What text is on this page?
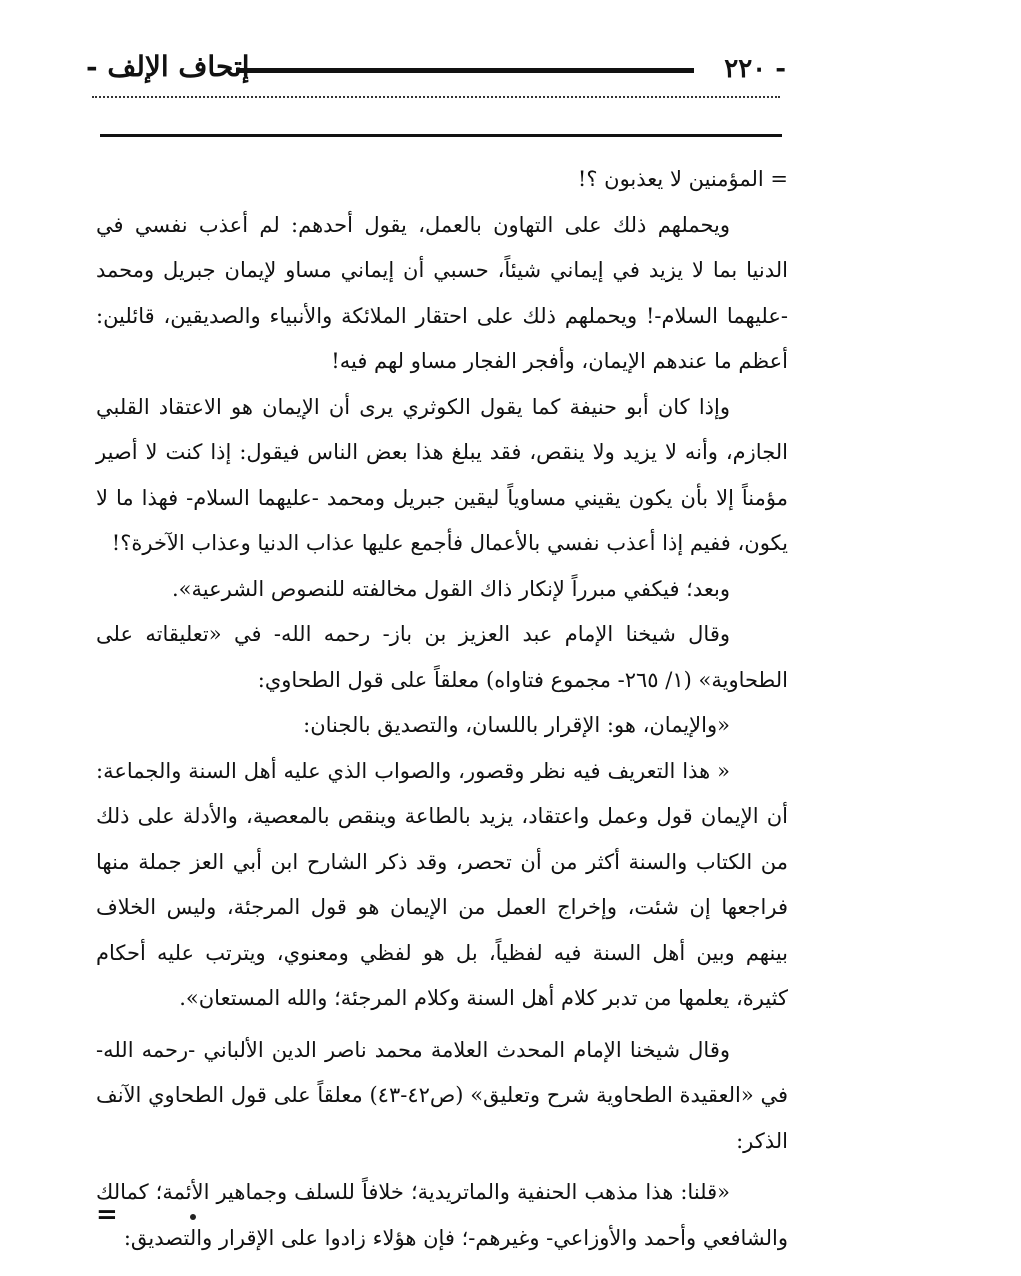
- ٢٢٠
إتحاف الإلف -

= المؤمنين لا يعذبون ؟!

ويحملهم ذلك على التهاون بالعمل، يقول أحدهم: لم أعذب نفسي في الدنيا بما لا يزيد في إيماني شيئاً، حسبي أن إيماني مساو لإيمان جبريل ومحمد -عليهما السلام-! ويحملهم ذلك على احتقار الملائكة والأنبياء والصديقين، قائلين: أعظم ما عندهم الإيمان، وأفجر الفجار مساو لهم فيه!

وإذا كان أبو حنيفة كما يقول الكوثري يرى أن الإيمان هو الاعتقاد القلبي الجازم، وأنه لا يزيد ولا ينقص، فقد يبلغ هذا بعض الناس فيقول: إذا كنت لا أصير مؤمناً إلا بأن يكون يقيني مساوياً ليقين جبريل ومحمد -عليهما السلام- فهذا ما لا يكون، ففيم إذا أعذب نفسي بالأعمال فأجمع عليها عذاب الدنيا وعذاب الآخرة؟!

وبعد؛ فيكفي مبرراً لإنكار ذاك القول مخالفته للنصوص الشرعية».

وقال شيخنا الإمام عبد العزيز بن باز- رحمه الله- في «تعليقاته على الطحاوية» (١/ ٢٦٥- مجموع فتاواه) معلقاً على قول الطحاوي:

«والإيمان، هو: الإقرار باللسان، والتصديق بالجنان:

« هذا التعريف فيه نظر وقصور، والصواب الذي عليه أهل السنة والجماعة: أن الإيمان قول وعمل واعتقاد، يزيد بالطاعة وينقص بالمعصية، والأدلة على ذلك من الكتاب والسنة أكثر من أن تحصر، وقد ذكر الشارح ابن أبي العز جملة منها فراجعها إن شئت، وإخراج العمل من الإيمان هو قول المرجئة، وليس الخلاف بينهم وبين أهل السنة فيه لفظياً، بل هو لفظي ومعنوي، ويترتب عليه أحكام كثيرة، يعلمها من تدبر كلام أهل السنة وكلام المرجئة؛ والله المستعان».

وقال شيخنا الإمام المحدث العلامة محمد ناصر الدين الألباني -رحمه الله- في «العقيدة الطحاوية شرح وتعليق» (ص٤٢-٤٣) معلقاً على قول الطحاوي الآنف الذكر:

«قلنا: هذا مذهب الحنفية والماتريدية؛ خلافاً للسلف وجماهير الأئمة؛ كمالك والشافعي وأحمد والأوزاعي- وغيرهم-؛ فإن هؤلاء زادوا على الإقرار والتصديق:

=
